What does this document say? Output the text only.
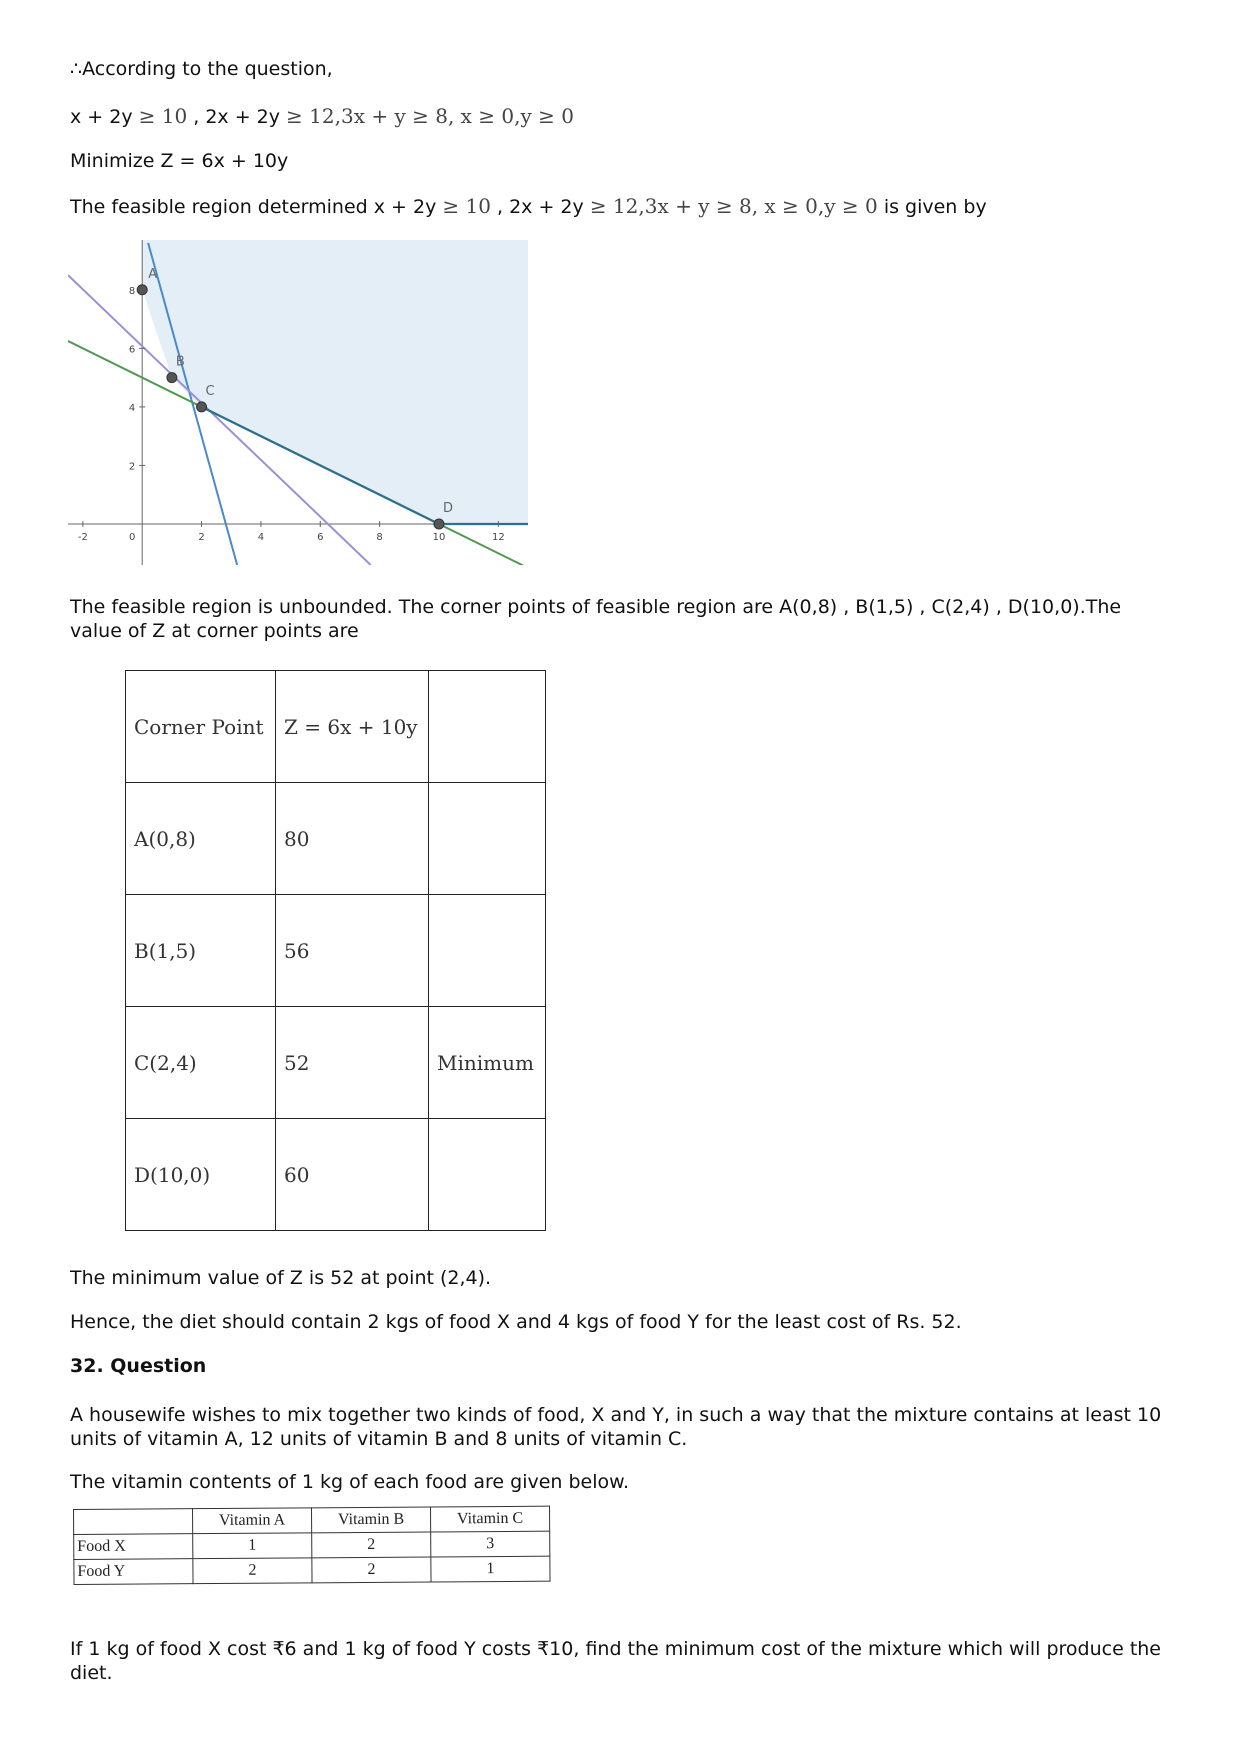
∴According to the question,
x + 2y ≥ 10 , 2x + 2y ≥ 12,3x + y ≥ 8, x ≥ 0,y ≥ 0
Minimize Z = 6x + 10y
The feasible region determined x + 2y ≥ 10 , 2x + 2y ≥ 12,3x + y ≥ 8, x ≥ 0,y ≥ 0 is given by
-2	0	2	4	6	8	10	12
2
4
6
8
A
B
C
D
The feasible region is unbounded. The corner points of feasible region are A(0,8) , B(1,5) , C(2,4) , D(10,0).The value of Z at corner points are
Corner Point	Z = 6x + 10y	
A(0,8)	80	
B(1,5)	56	
C(2,4)	52	Minimum
D(10,0)	60	
The minimum value of Z is 52 at point (2,4).
Hence, the diet should contain 2 kgs of food X and 4 kgs of food Y for the least cost of Rs. 52.
32. Question
A housewife wishes to mix together two kinds of food, X and Y, in such a way that the mixture contains at least 10 units of vitamin A, 12 units of vitamin B and 8 units of vitamin C.
The vitamin contents of 1 kg of each food are given below.
	Vitamin A	Vitamin B	Vitamin C
Food X	1	2	3
Food Y	2	2	1
If 1 kg of food X cost ₹6 and 1 kg of food Y costs ₹10, find the minimum cost of the mixture which will produce the diet.
